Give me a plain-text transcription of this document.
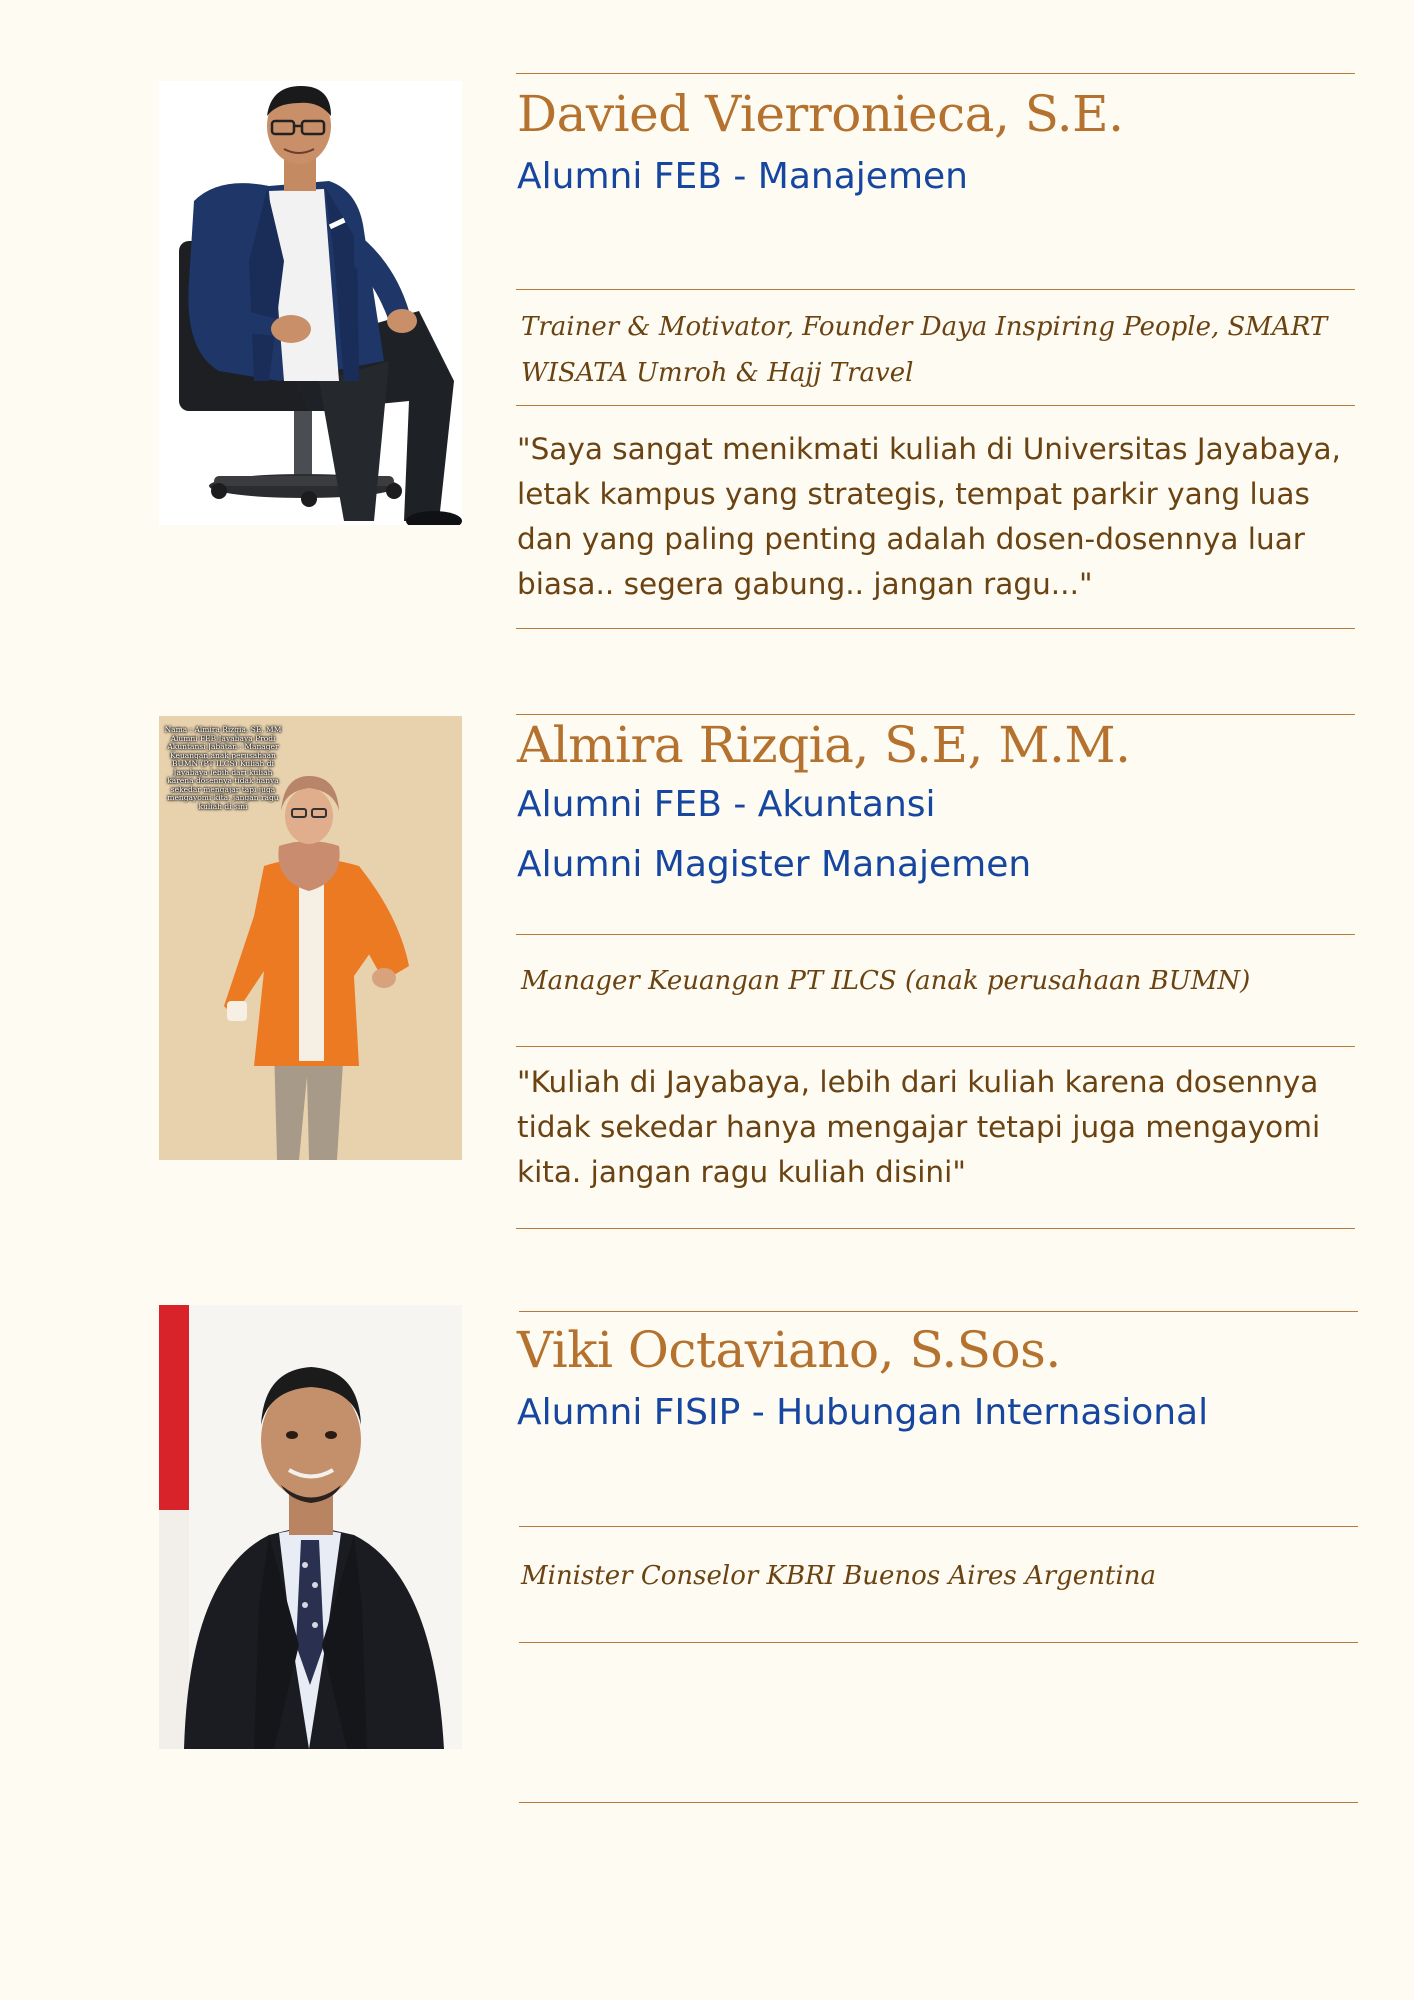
Davied Vierronieca, S.E.

Alumni FEB - Manajemen

Trainer & Motivator, Founder Daya Inspiring People, SMART WISATA Umroh & Hajj Travel

"Saya sangat menikmati kuliah di Universitas Jayabaya, letak kampus yang strategis, tempat parkir yang luas dan yang paling penting adalah dosen-dosennya luar biasa.. segera gabung.. jangan ragu..."

Nama : Almira Rizqia, SE, MM Alumni FEB Jayabaya Prodi Akuntansi Jabatan : Manager Keuangan anak perusahaan BUMN (PT ILCS) Kuliah di Jayabaya lebih dari kuliah karena dosennya tidak hanya sekedar mengajar tapi juga mengayomi kita. jangan ragu kuliah di sini
Almira Rizqia, S.E, M.M.

Alumni FEB - Akuntansi

Alumni Magister Manajemen

Manager Keuangan PT ILCS (anak perusahaan BUMN)

"Kuliah di Jayabaya, lebih dari kuliah karena dosennya tidak sekedar hanya mengajar tetapi juga mengayomi kita. jangan ragu kuliah disini"

Viki Octaviano, S.Sos.

Alumni FISIP - Hubungan Internasional

Minister Conselor KBRI Buenos Aires Argentina
